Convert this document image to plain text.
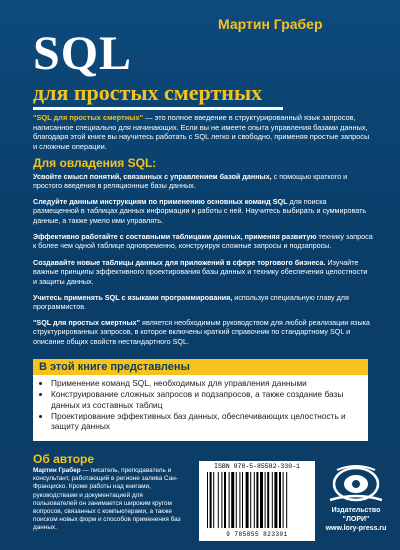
Мартин Грабер
SQL
для простых смертных
"SQL для простых смертных" — это полное введение в структурированный язык запросов, написанное специально для начинающих. Если вы не имеете опыта управления базами данных, благодаря этой книге вы научитесь работать с SQL легко и свободно, применяя простые запросы и сложные операции.
Для овладения SQL:
Усвойте смысл понятий, связанных с управлением базой данных, с помощью краткого и простого введения в реляционные базы данных.
Следуйте данным инструкциям по применению основных команд SQL для поиска размещенной в таблицах данных информации и работы с ней. Научитесь выбирать и суммировать данные, а также умело ими управлять.
Эффективно работайте с составными таблицами данных, применяя развитую технику запроса к более чем одной таблице одновременно, конструируя сложные запросы и подзапросы.
Создавайте новые таблицы данных для приложений в сфере торгового бизнеса. Изучайте важные принципы эффективного проектирования базы данных и технику обеспечения целостности и защиты данных.
Учитесь применять SQL с языками программирования, используя специальную главу для программистов.
"SQL для простых смертных" является необходимым руководством для любой реализации языка структурированных запросов, в которое включены краткий справочник по стандартному SQL и описание общих свойств нестандартного SQL.
В этой книге представлены
• Применение команд SQL, необходимых для управления данными
• Конструирование сложных запросов и подзапросов, а также создание базы данных из составных таблиц
• Проектирование эффективных баз данных, обеспечивающих целостность и защиту данных
Об авторе
Мартин Грабер — писатель, преподаватель и консультант, работающий в регионе залива Сан-Франциско. Кроме работы над книгами, руководствами и документацией для пользователей он занимается широким кругом вопросов, связанных с компьютерами, а также поиском новых форм и способов применения баз данных.
ISBN 978-5-85582-330-1
9 785855 823301
Издательство
"ЛОРИ"
www.lory-press.ru
